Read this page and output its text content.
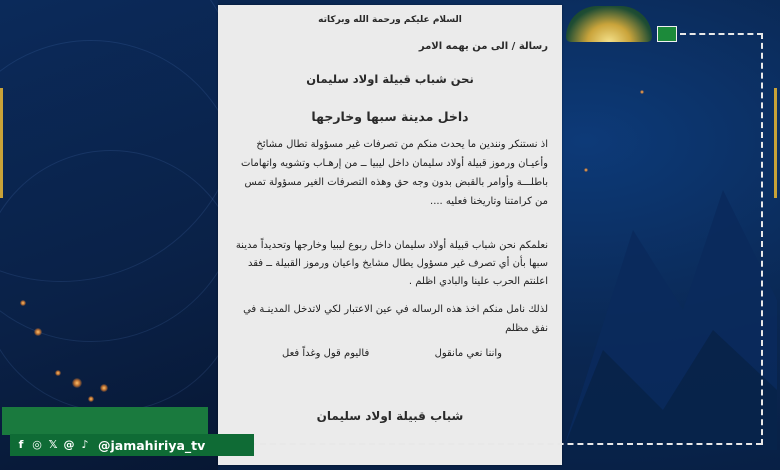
السلام عليكم ورحمة الله وبركاته
رسالة / الى من يهمه الامر
نحن شباب قبيلة اولاد سليمان
داخل مدينة سبها وخارجها
اذ نستنكر ونندين ما يحدث منكم من تصرفات غير مسؤولة تطال مشائخ وأعيـان ورموز قبيلة أولاد سليمان داخل ليبيا ــ من إرهـاب وتشويه واتهامات باطلـــة وأوامر بالقبض بدون وجه حق وهذه التصرفات الغير مسؤولة تمس من كرامتنا وتاريخنا فعليه ....
نعلمكم نحن شباب قبيلة أولاد سليمان داخل ربوع ليبيا وخارجها وتحديداً مدينة سبها بأن أي تصرف غير مسؤول يطال مشايخ واعيان ورموز القبيلة ــ فقد اعلنتم الحرب علينا والبادي اظلم .
لذلك نامل منكم اخذ هذه الرساله في عين الاعتبار لكي لاتدخل المدينـة في نفق مظلم
واننا نعي مانقول
فاليوم قول وغداً فعل
شباب قبيلة اولاد سليمان
f ◎ 𝕏 @ ♪ @jamahiriya_tv
